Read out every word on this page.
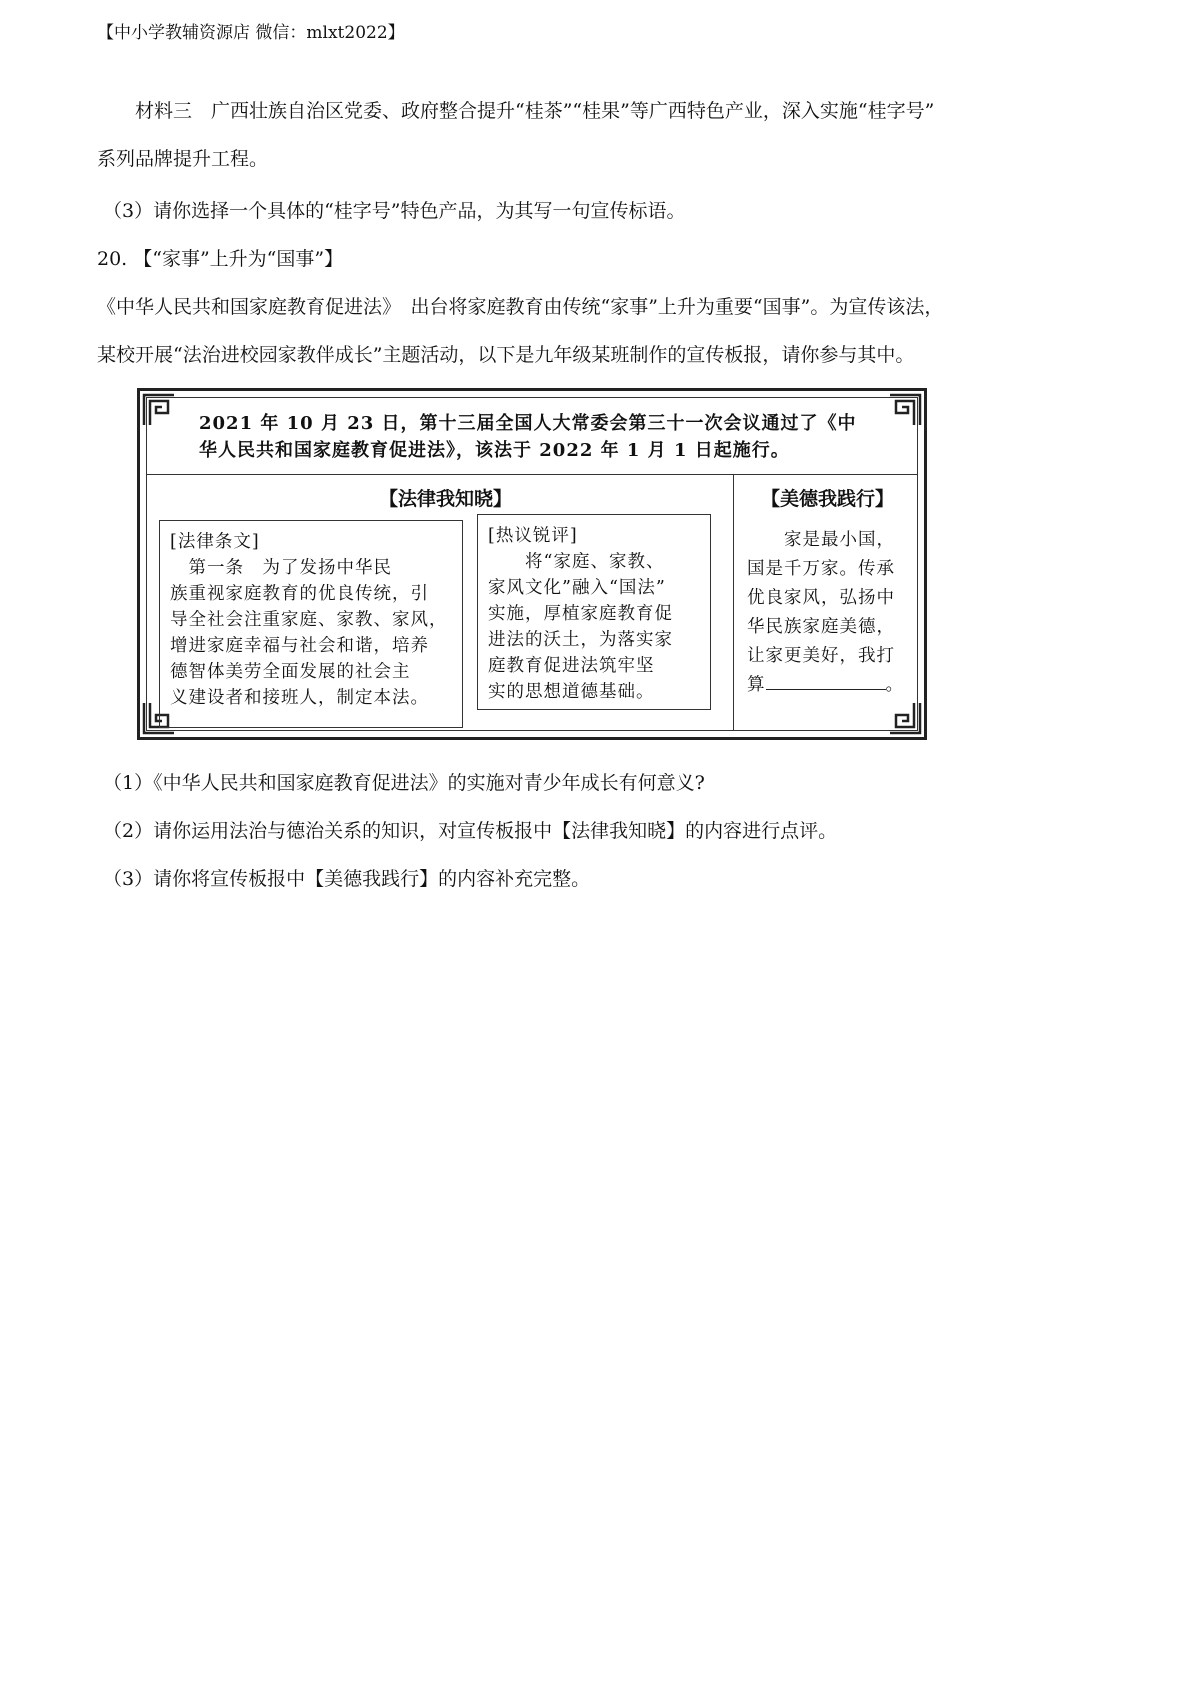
【中小学教辅资源店 微信：mlxt2022】
材料三　广西壮族自治区党委、政府整合提升“桂茶”“桂果”等广西特色产业，深入实施“桂字号”
系列品牌提升工程。
（3）请你选择一个具体的“桂字号”特色产品，为其写一句宣传标语。
20. 【“家事”上升为“国事”】
《中华人民共和国家庭教育促进法》　出台将家庭教育由传统“家事”上升为重要“国事”。为宣传该法，
某校开展“法治进校园家教伴成长”主题活动，以下是九年级某班制作的宣传板报，请你参与其中。
2021 年 10 月 23 日，第十三届全国人大常委会第三十一次会议通过了《中
华人民共和国家庭教育促进法》，该法于 2022 年 1 月 1 日起施行。
【法律我知晓】	【美德我践行】
[法律条文]
　第一条　为了发扬中华民
族重视家庭教育的优良传统，引
导全社会注重家庭、家教、家风，
增进家庭幸福与社会和谐，培养
德智体美劳全面发展的社会主
义建设者和接班人，制定本法。
[热议锐评]
　　将“家庭、家教、
家风文化”融入“国法”
实施，厚植家庭教育促
进法的沃土，为落实家
庭教育促进法筑牢坚
实的思想道德基础。
　　家是最小国，
国是千万家。传承
优良家风，弘扬中
华民族家庭美德，
让家更美好，我打
算	。
（1）《中华人民共和国家庭教育促进法》的实施对青少年成长有何意义?
（2）请你运用法治与德治关系的知识，对宣传板报中【法律我知晓】的内容进行点评。
（3）请你将宣传板报中【美德我践行】的内容补充完整。
